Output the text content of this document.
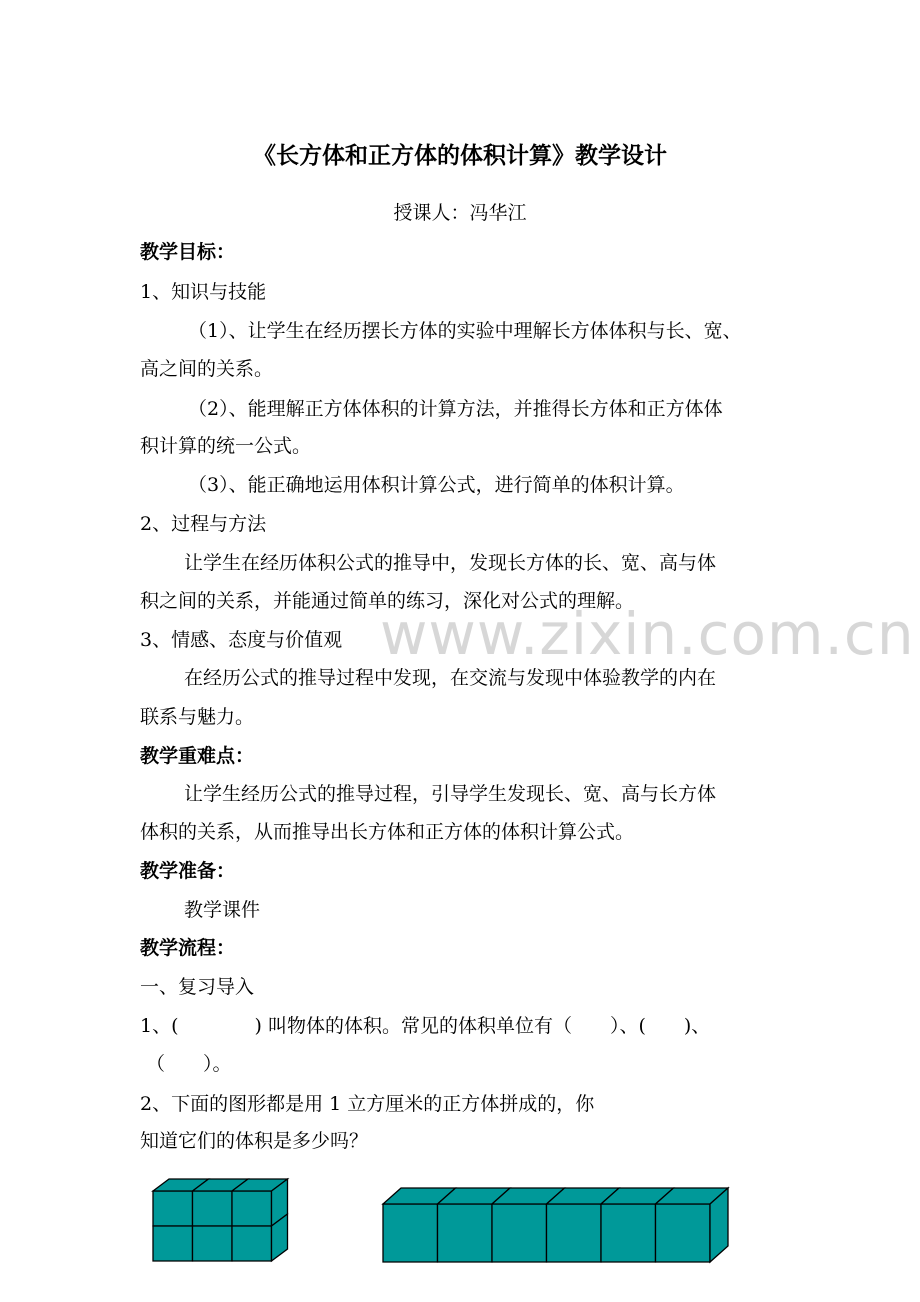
www.zixin.com.cn
《长方体和正方体的体积计算》教学设计
授课人：冯华江
教学目标：
1、知识与技能
（1）、让学生在经历摆长方体的实验中理解长方体体积与长、宽、
高之间的关系。
（2）、能理解正方体体积的计算方法，并推得长方体和正方体体
积计算的统一公式。
（3）、能正确地运用体积计算公式，进行简单的体积计算。
2、过程与方法
让学生在经历体积公式的推导中，发现长方体的长、宽、高与体
积之间的关系，并能通过简单的练习，深化对公式的理解。
3、情感、态度与价值观
在经历公式的推导过程中发现，在交流与发现中体验教学的内在
联系与魅力。
教学重难点：
让学生经历公式的推导过程，引导学生发现长、宽、高与长方体
体积的关系，从而推导出长方体和正方体的体积计算公式。
教学准备：
教学课件
教学流程：
一、复习导入
1、(　　　　) 叫物体的体积。常见的体积单位有（　　）、(　　)、
（　　）。
2、下面的图形都是用 1 立方厘米的正方体拼成的，你
知道它们的体积是多少吗？
